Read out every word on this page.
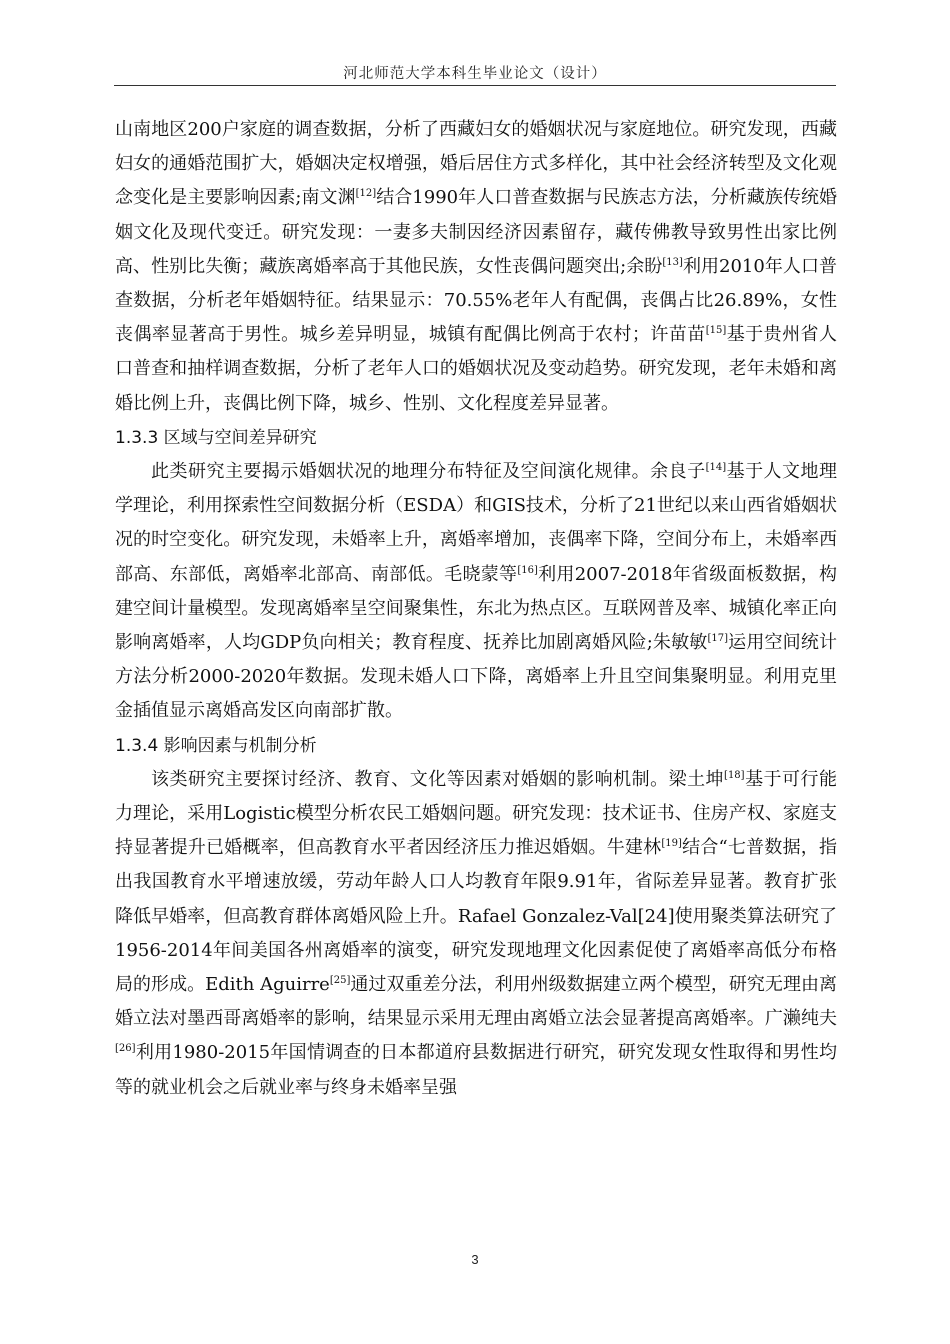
河北师范大学本科生毕业论文（设计）

山南地区200户家庭的调查数据，分析了西藏妇女的婚姻状况与家庭地位。研究发现，西藏妇女的通婚范围扩大，婚姻决定权增强，婚后居住方式多样化，其中社会经济转型及文化观念变化是主要影响因素;南文渊[12]结合1990年人口普查数据与民族志方法，分析藏族传统婚姻文化及现代变迁。研究发现：一妻多夫制因经济因素留存，藏传佛教导致男性出家比例高、性别比失衡；藏族离婚率高于其他民族，女性丧偶问题突出;余盼[13]利用2010年人口普查数据，分析老年婚姻特征。结果显示：70.55%老年人有配偶，丧偶占比26.89%，女性丧偶率显著高于男性。城乡差异明显，城镇有配偶比例高于农村；许苗苗[15]基于贵州省人口普查和抽样调查数据，分析了老年人口的婚姻状况及变动趋势。研究发现，老年未婚和离婚比例上升，丧偶比例下降，城乡、性别、文化程度差异显著。

1.3.3 区域与空间差异研究

此类研究主要揭示婚姻状况的地理分布特征及空间演化规律。余良子[14]基于人文地理学理论，利用探索性空间数据分析（ESDA）和GIS技术，分析了21世纪以来山西省婚姻状况的时空变化。研究发现，未婚率上升，离婚率增加，丧偶率下降，空间分布上，未婚率西部高、东部低，离婚率北部高、南部低。毛晓蒙等[16]利用2007-2018年省级面板数据，构建空间计量模型。发现离婚率呈空间聚集性，东北为热点区。互联网普及率、城镇化率正向影响离婚率，人均GDP负向相关；教育程度、抚养比加剧离婚风险;朱敏敏[17]运用空间统计方法分析2000-2020年数据。发现未婚人口下降，离婚率上升且空间集聚明显。利用克里金插值显示离婚高发区向南部扩散。

1.3.4 影响因素与机制分析

该类研究主要探讨经济、教育、文化等因素对婚姻的影响机制。梁土坤[18]基于可行能力理论，采用Logistic模型分析农民工婚姻问题。研究发现：技术证书、住房产权、家庭支持显著提升已婚概率，但高教育水平者因经济压力推迟婚姻。牛建林[19]结合“七普数据，指出我国教育水平增速放缓，劳动年龄人口人均教育年限9.91年，省际差异显著。教育扩张降低早婚率，但高教育群体离婚风险上升。Rafael Gonzalez-Val[24]使用聚类算法研究了1956-2014年间美国各州离婚率的演变，研究发现地理文化因素促使了离婚率高低分布格局的形成。Edith Aguirre[25]通过双重差分法，利用州级数据建立两个模型，研究无理由离婚立法对墨西哥离婚率的影响，结果显示采用无理由离婚立法会显著提高离婚率。广濑纯夫[26]利用1980-2015年国情调查的日本都道府县数据进行研究，研究发现女性取得和男性均等的就业机会之后就业率与终身未婚率呈强

3
